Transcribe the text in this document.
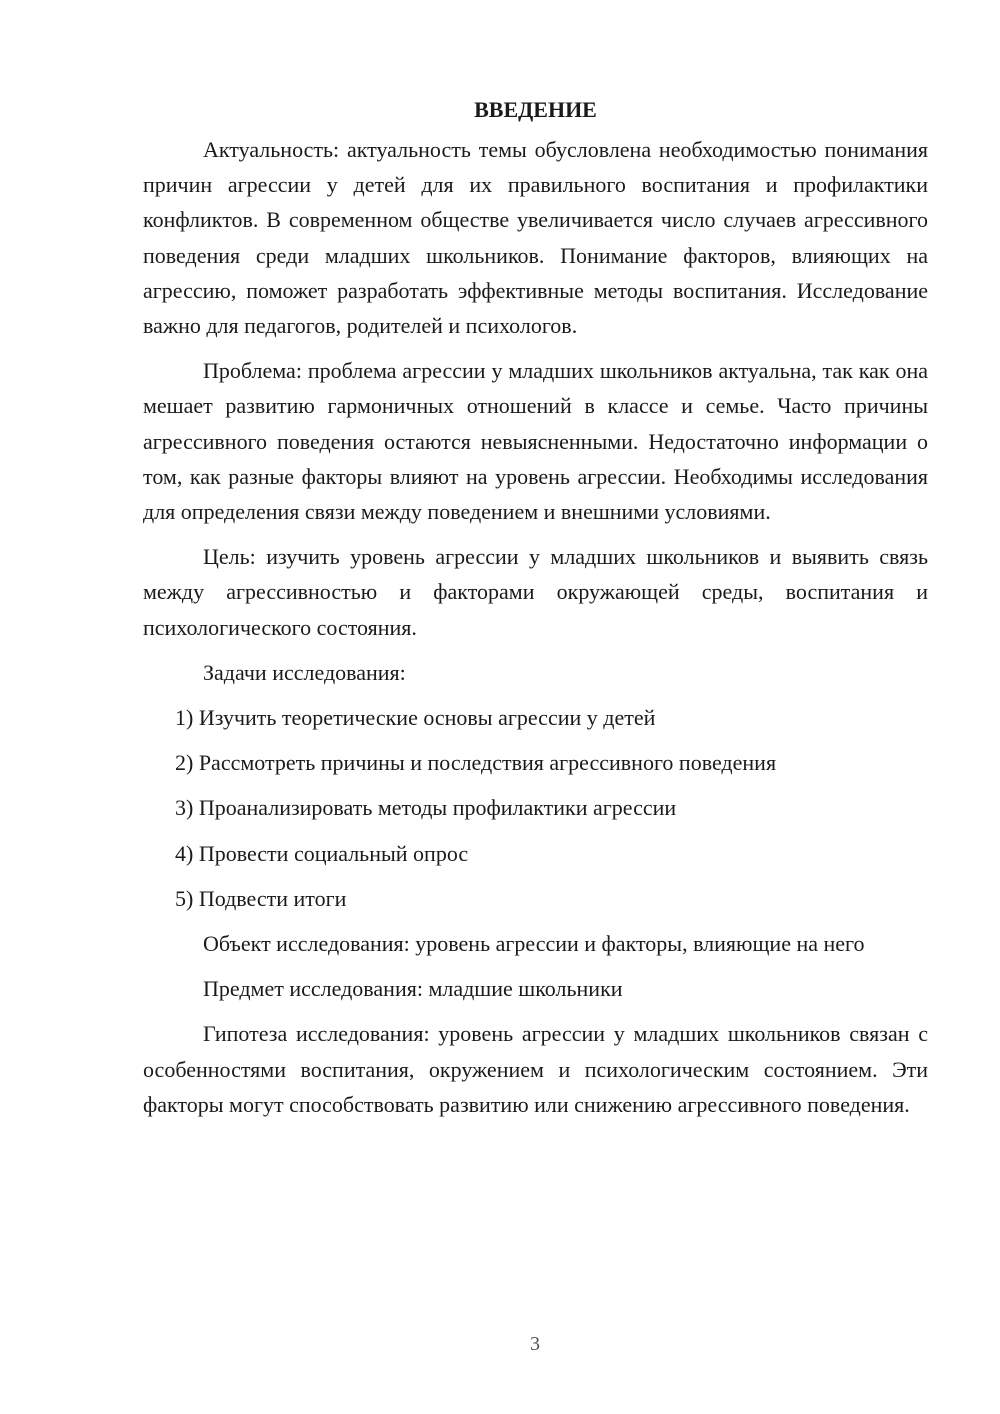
ВВЕДЕНИЕ

Актуальность: актуальность темы обусловлена необходимостью понимания причин агрессии у детей для их правильного воспитания и профилактики конфликтов. В современном обществе увеличивается число случаев агрессивного поведения среди младших школьников. Понимание факторов, влияющих на агрессию, поможет разработать эффективные методы воспитания. Исследование важно для педагогов, родителей и психологов.

Проблема: проблема агрессии у младших школьников актуальна, так как она мешает развитию гармоничных отношений в классе и семье. Часто причины агрессивного поведения остаются невыясненными. Недостаточно информации о том, как разные факторы влияют на уровень агрессии. Необходимы исследования для определения связи между поведением и внешними условиями.

Цель: изучить уровень агрессии у младших школьников и выявить связь между агрессивностью и факторами окружающей среды, воспитания и психологического состояния.

Задачи исследования:

1) Изучить теоретические основы агрессии у детей

2) Рассмотреть причины и последствия агрессивного поведения

3) Проанализировать методы профилактики агрессии

4) Провести социальный опрос

5) Подвести итоги

Объект исследования: уровень агрессии и факторы, влияющие на него

Предмет исследования: младшие школьники

Гипотеза исследования: уровень агрессии у младших школьников связан с особенностями воспитания, окружением и психологическим состоянием. Эти факторы могут способствовать развитию или снижению агрессивного поведения.

3
